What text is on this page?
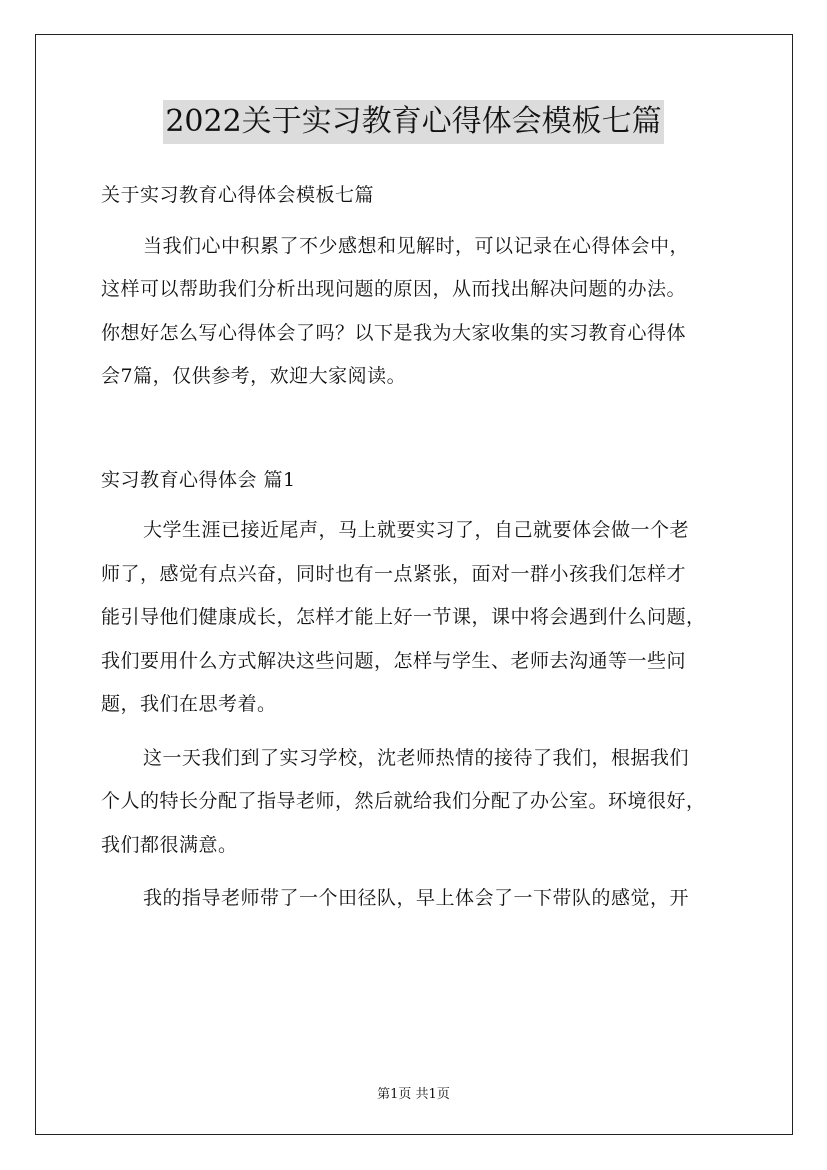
2022关于实习教育心得体会模板七篇
关于实习教育心得体会模板七篇
当我们心中积累了不少感想和见解时，可以记录在心得体会中，
这样可以帮助我们分析出现问题的原因，从而找出解决问题的办法。
你想好怎么写心得体会了吗？以下是我为大家收集的实习教育心得体
会7篇，仅供参考，欢迎大家阅读。
实习教育心得体会 篇1
大学生涯已接近尾声，马上就要实习了，自己就要体会做一个老
师了，感觉有点兴奋，同时也有一点紧张，面对一群小孩我们怎样才
能引导他们健康成长，怎样才能上好一节课，课中将会遇到什么问题，
我们要用什么方式解决这些问题，怎样与学生、老师去沟通等一些问
题，我们在思考着。
这一天我们到了实习学校，沈老师热情的接待了我们，根据我们
个人的特长分配了指导老师，然后就给我们分配了办公室。环境很好，
我们都很满意。
我的指导老师带了一个田径队，早上体会了一下带队的感觉，开
第1页 共1页
